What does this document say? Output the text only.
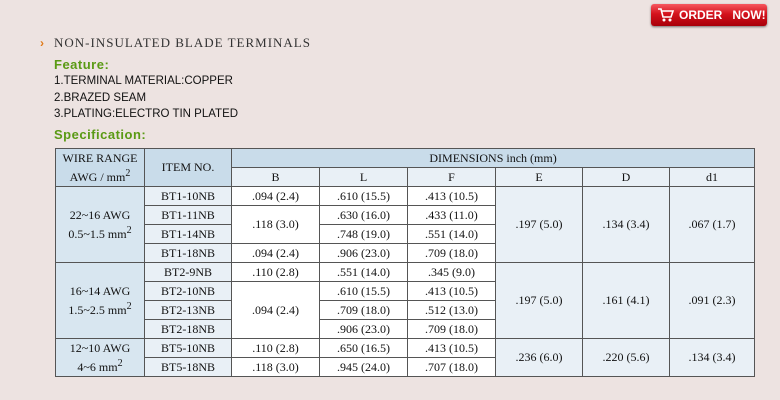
ORDER   NOW!
› NON-INSULATED BLADE TERMINALS
Feature:
1.TERMINAL MATERIAL:COPPER
2.BRAZED SEAM
3.PLATING:ELECTRO TIN PLATED
Specification:
WIRE RANGE
AWG / $mm^2$	ITEM NO.	DIMENSIONS inch (mm)					
		B	L	F	E	D	d1

22~16 AWG
0.5~1.5 $mm^2$	BT1-10NB	.094 (2.4)	.610 (15.5)	.413 (10.5)	.197 (5.0)	.134 (3.4)	.067 (1.7)
	BT1-11NB	.118 (3.0)	.630 (16.0)	.433 (11.0)			
	BT1-14NB		.748 (19.0)	.551 (14.0)			
	BT1-18NB	.094 (2.4)	.906 (23.0)	.709 (18.0)			

16~14 AWG
1.5~2.5 $mm^2$	BT2-9NB	.110 (2.8)	.551 (14.0)	.345 (9.0)	.197 (5.0)	.161 (4.1)	.091 (2.3)
	BT2-10NB	.094 (2.4)	.610 (15.5)	.413 (10.5)			
	BT2-13NB		.709 (18.0)	.512 (13.0)			
	BT2-18NB		.906 (23.0)	.709 (18.0)			

12~10 AWG
4~6 $mm^2$	BT5-10NB	.110 (2.8)	.650 (16.5)	.413 (10.5)	.236 (6.0)	.220 (5.6)	.134 (3.4)
	BT5-18NB	.118 (3.0)	.945 (24.0)	.707 (18.0)			
